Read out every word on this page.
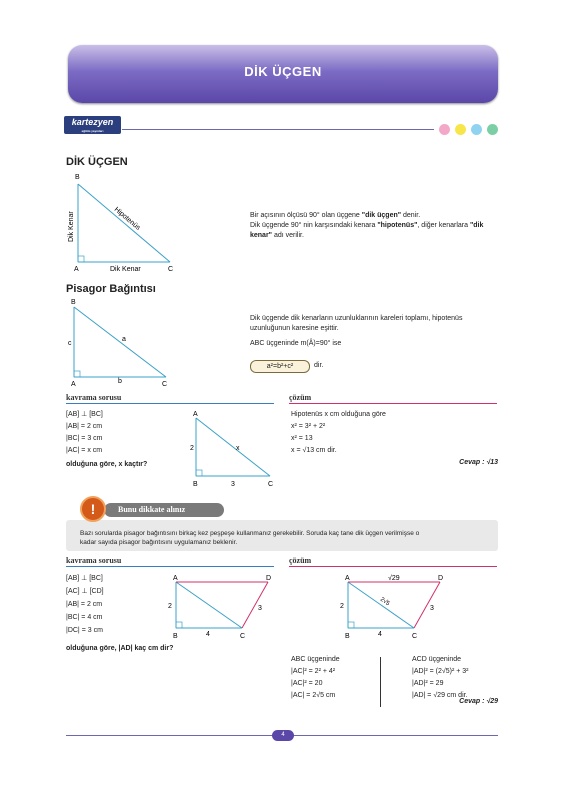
DİK ÜÇGEN
kartezyen
eğitim yayınları
DİK ÜÇGEN
B
A	C
Dik Kenar
Dik Kenar	Hipotenüs	Bir açısının ölçüsü 90° olan üçgene "dik üçgen" denir.
Dik üçgende 90° nin karşısındaki kenara "hipotenüs", diğer kenarlara "dik
kenar" adı verilir.
Pisagor Bağıntısı
B
A	C
c
b
a
Dik üçgende dik kenarların uzunluklarının kareleri toplamı, hipotenüs
uzunluğunun karesine eşittir.
ABC üçgeninde m(Â)=90° ise
a²=b²+c²	dir.
kavrama sorusu	çözüm
[AB] ⊥ [BC]
|AB| = 2 cm
|BC| = 3 cm
|AC| = x cm
olduğuna göre, x kaçtır?
A
B	C
2
3
x
Hipotenüs x cm olduğuna göre
x² = 3² + 2²
x² = 13
x = √13 cm dir.
Cevap : √13
Bunu dikkate alınız
!
Bazı sorularda pisagor bağıntısını birkaç kez peşpeşe kullanmanız gerekebilir. Soruda kaç tane dik üçgen verilmişse o
kadar sayıda pisagor bağıntısını uygulamanız beklenir.
kavrama sorusu	çözüm
[AB] ⊥ [BC]
[AC] ⊥ [CD]
|AB| = 2 cm
|BC| = 4 cm
|DC| = 3 cm
olduğuna göre, |AD| kaç cm dir?
A	D
B	C
2
4
3
A	D
B	C
2
4
3
√29
2√5
ABC üçgeninde
|AC|² = 2² + 4²
|AC|² = 20
|AC| = 2√5 cm
ACD üçgeninde
|AD|² = (2√5)² + 3²
|AD|² = 29
|AD| = √29 cm dir.
Cevap : √29
4
